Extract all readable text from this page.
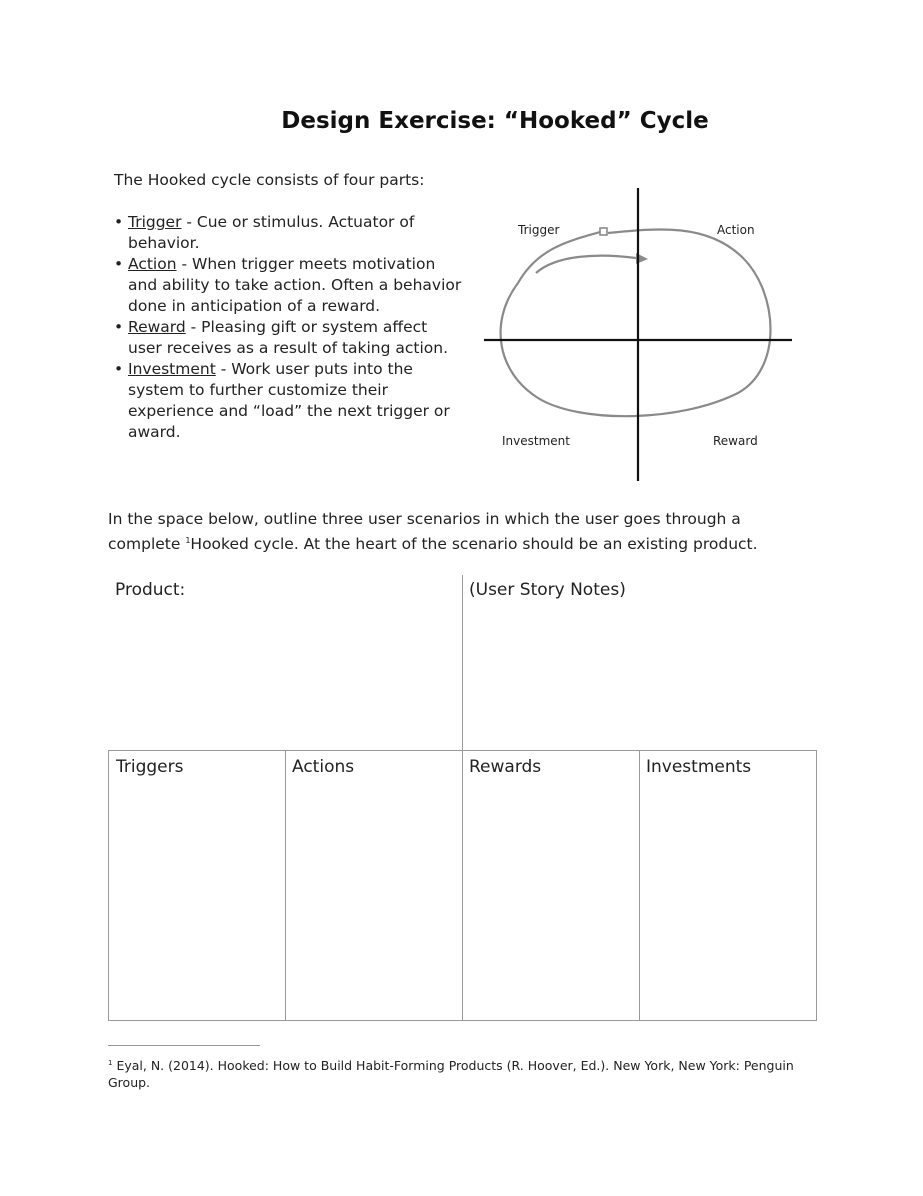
Design Exercise: “Hooked” Cycle
The Hooked cycle consists of four parts:
• Trigger - Cue or stimulus. Actuator of behavior.
• Action - When trigger meets motivation and ability to take action. Often a behavior done in anticipation of a reward.
• Reward - Pleasing gift or system affect user receives as a result of taking action.
• Investment - Work user puts into the system to further customize their experience and “load” the next trigger or award.
Trigger	Action
Investment	Reward
In the space below, outline three user scenarios in which the user goes through a complete $^1$Hooked cycle. At the heart of the scenario should be an existing product.
Product:	(User Story Notes)
Triggers	Actions	Rewards	Investments
$^1$ Eyal, N. (2014). Hooked: How to Build Habit-Forming Products (R. Hoover, Ed.). New York, New York: Penguin Group.
